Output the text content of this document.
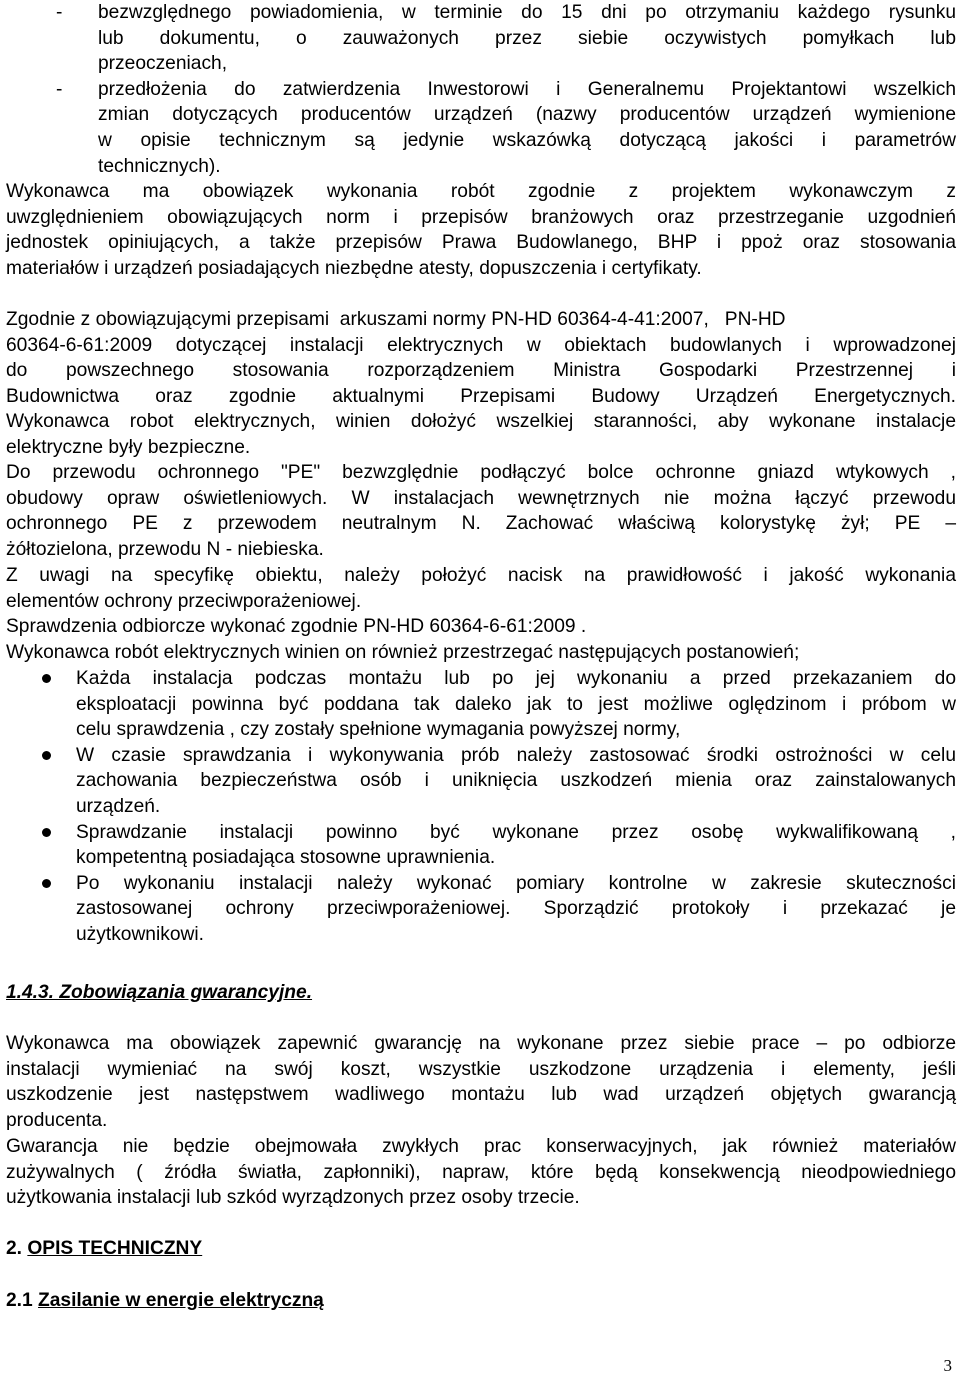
- bezwzględnego powiadomienia, w terminie do 15 dni po otrzymaniu każdego rysunku

lub dokumentu, o zauważonych przez siebie oczywistych pomyłkach lub

przeoczeniach,

- przedłożenia do zatwierdzenia Inwestorowi i Generalnemu Projektantowi wszelkich

zmian dotyczących producentów urządzeń (nazwy producentów urządzeń wymienione

w opisie technicznym są jedynie wskazówką dotyczącą jakości i parametrów

technicznych).

Wykonawca ma obowiązek wykonania robót zgodnie z projektem wykonawczym z

uwzględnieniem obowiązujących norm i przepisów branżowych oraz przestrzeganie uzgodnień

jednostek opiniujących, a także przepisów Prawa Budowlanego, BHP i ppoż oraz stosowania

materiałów i urządzeń posiadających niezbędne atesty, dopuszczenia i certyfikaty.

Zgodnie z obowiązującymi przepisami  arkuszami normy PN-HD 60364-4-41:2007,   PN-HD

60364-6-61:2009 dotyczącej instalacji elektrycznych w obiektach budowlanych i wprowadzonej

do powszechnego stosowania rozporządzeniem Ministra Gospodarki Przestrzennej i

Budownictwa oraz zgodnie aktualnymi Przepisami Budowy Urządzeń Energetycznych.

Wykonawca robot elektrycznych, winien dołożyć wszelkiej staranności, aby wykonane instalacje

elektryczne były bezpieczne.

Do przewodu ochronnego "PE" bezwzględnie podłączyć bolce ochronne gniazd wtykowych ,

obudowy opraw oświetleniowych. W instalacjach wewnętrznych nie można łączyć przewodu

ochronnego PE z przewodem neutralnym N. Zachować właściwą kolorystykę żył; PE –

żółtozielona, przewodu N - niebieska.

Z uwagi na specyfikę obiektu, należy położyć nacisk na prawidłowość i jakość wykonania

elementów ochrony przeciwporażeniowej.

Sprawdzenia odbiorcze wykonać zgodnie PN-HD 60364-6-61:2009 .

Wykonawca robót elektrycznych winien on również przestrzegać następujących postanowień;

Każda instalacja podczas montażu lub po jej wykonaniu a przed przekazaniem do

eksploatacji powinna być poddana tak daleko jak to jest możliwe oględzinom i próbom w

celu sprawdzenia , czy zostały spełnione wymagania powyższej normy,

W czasie sprawdzania i wykonywania prób należy zastosować środki ostrożności w celu

zachowania bezpieczeństwa osób i uniknięcia uszkodzeń mienia oraz zainstalowanych

urządzeń.

Sprawdzanie instalacji powinno być wykonane przez osobę wykwalifikowaną ,

kompetentną posiadająca stosowne uprawnienia.

Po wykonaniu instalacji należy wykonać pomiary kontrolne w zakresie skuteczności

zastosowanej ochrony przeciwporażeniowej. Sporządzić protokoły i przekazać je

użytkownikowi.

1.4.3. Zobowiązania gwarancyjne.

Wykonawca ma obowiązek zapewnić gwarancję na wykonane przez siebie prace – po odbiorze

instalacji wymieniać na swój koszt, wszystkie uszkodzone urządzenia i elementy, jeśli

uszkodzenie jest następstwem wadliwego montażu lub wad urządzeń objętych gwarancją

producenta.

Gwarancja nie będzie obejmowała zwykłych prac konserwacyjnych, jak również materiałów

zużywalnych ( źródła światła, zapłonniki), napraw, które będą konsekwencją nieodpowiedniego

użytkowania instalacji lub szkód wyrządzonych przez osoby trzecie.

2. OPIS TECHNICZNY

2.1 Zasilanie w energie elektryczną

3
